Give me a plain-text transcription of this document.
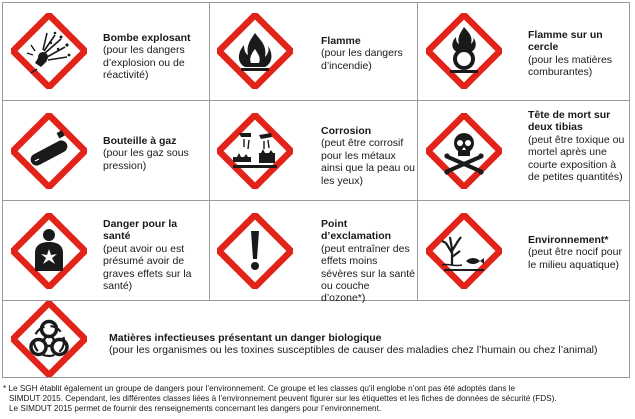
Bombe explosant
(pour les dangers d’explosion ou de réactivité)
Flamme
(pour les dangers d’incendie)
Flamme sur un cercle
(pour les matières comburantes)
Bouteille à gaz
(pour les gaz sous pression)
Corrosion
(peut être corrosif pour les métaux ainsi que la peau ou les yeux)
Tête de mort sur deux tibias
(peut être toxique ou mortel après une courte exposition à de petites quantités)
Danger pour la santé
(peut avoir ou est présumé avoir de graves effets sur la santé)
Point d’exclamation
(peut entraîner des effets moins sévères sur la santé ou couche d’ozone*)
Environnement*
(peut être nocif pour le milieu aquatique)
Matières infectieuses présentant un danger biologique
(pour les organismes ou les toxines susceptibles de causer des maladies chez l’humain ou chez l’animal)
* Le SGH établit également un groupe de dangers pour l’environnement. Ce groupe et les classes qu’il englobe n’ont pas été adoptés dans le
SIMDUT 2015. Cependant, les différentes classes liées à l’environnement peuvent figurer sur les étiquettes et les fiches de données de sécurité (FDS).
Le SIMDUT 2015 permet de fournir des renseignements concernant les dangers pour l’environnement.
